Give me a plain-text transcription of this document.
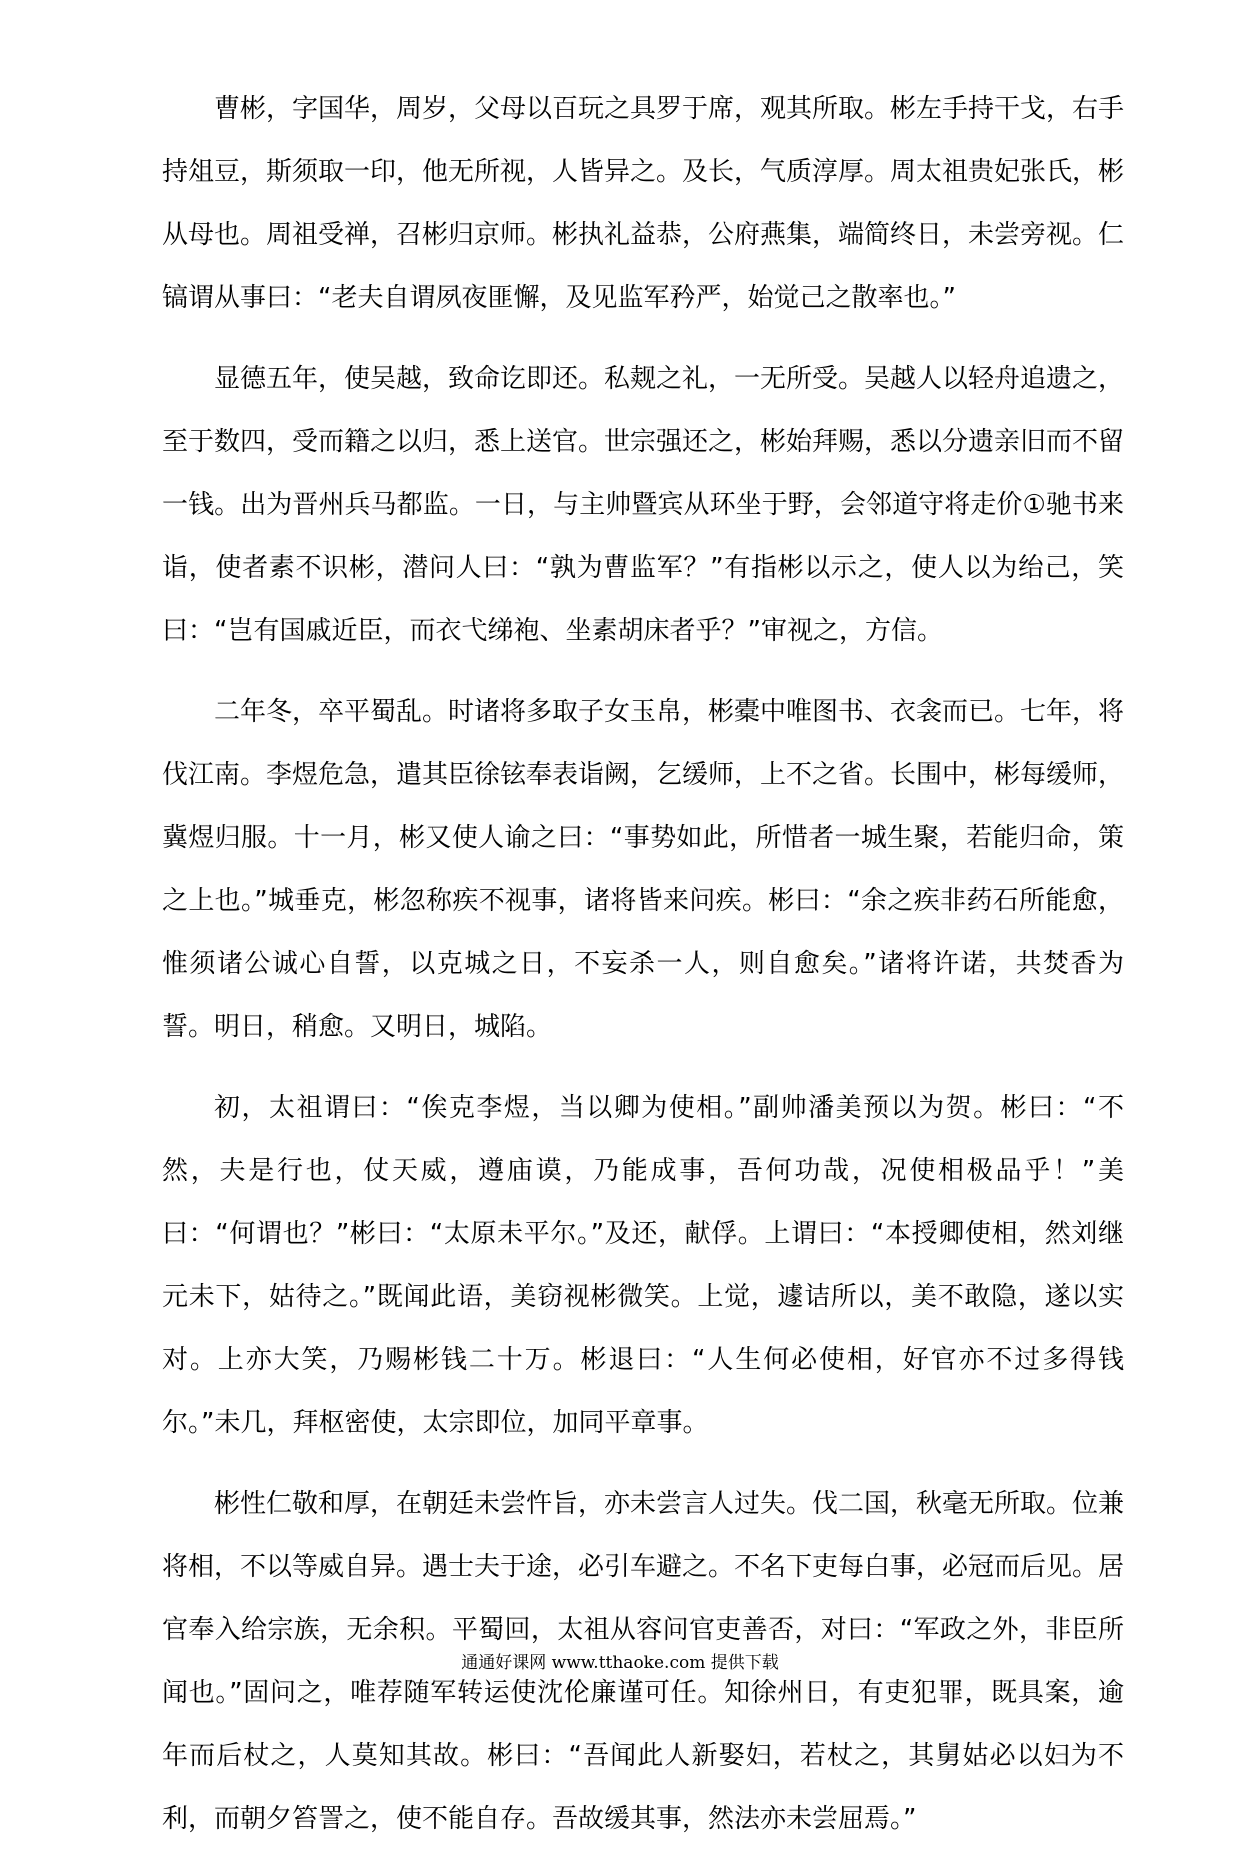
曹彬，字国华，周岁，父母以百玩之具罗于席，观其所取。彬左手持干戈，右手持俎豆，斯须取一印，他无所视，人皆异之。及长，气质淳厚。周太祖贵妃张氏，彬从母也。周祖受禅，召彬归京师。彬执礼益恭，公府燕集，端简终日，未尝旁视。仁镐谓从事曰：“老夫自谓夙夜匪懈，及见监军矜严，始觉己之散率也。”

显德五年，使吴越，致命讫即还。私觌之礼，一无所受。吴越人以轻舟追遗之，至于数四，受而籍之以归，悉上送官。世宗强还之，彬始拜赐，悉以分遗亲旧而不留一钱。出为晋州兵马都监。一日，与主帅暨宾从环坐于野，会邻道守将走价①驰书来诣，使者素不识彬，潜问人曰：“孰为曹监军？”有指彬以示之，使人以为绐己，笑曰：“岂有国戚近臣，而衣弋绨袍、坐素胡床者乎？”审视之，方信。

二年冬，卒平蜀乱。时诸将多取子女玉帛，彬橐中唯图书、衣衾而已。七年，将伐江南。李煜危急，遣其臣徐铉奉表诣阙，乞缓师，上不之省。长围中，彬每缓师，冀煜归服。十一月，彬又使人谕之曰：“事势如此，所惜者一城生聚，若能归命，策之上也。”城垂克，彬忽称疾不视事，诸将皆来问疾。彬曰：“余之疾非药石所能愈，惟须诸公诚心自誓，以克城之日，不妄杀一人，则自愈矣。”诸将许诺，共焚香为誓。明日，稍愈。又明日，城陷。

初，太祖谓曰：“俟克李煜，当以卿为使相。”副帅潘美预以为贺。彬曰：“不然，夫是行也，仗天威，遵庙谟，乃能成事，吾何功哉，况使相极品乎！”美曰：“何谓也？”彬曰：“太原未平尔。”及还，献俘。上谓曰：“本授卿使相，然刘继元未下，姑待之。”既闻此语，美窃视彬微笑。上觉，遽诘所以，美不敢隐，遂以实对。上亦大笑，乃赐彬钱二十万。彬退曰：“人生何必使相，好官亦不过多得钱尔。”未几，拜枢密使，太宗即位，加同平章事。

彬性仁敬和厚，在朝廷未尝忤旨，亦未尝言人过失。伐二国，秋毫无所取。位兼将相，不以等威自异。遇士夫于途，必引车避之。不名下吏每白事，必冠而后见。居官奉入给宗族，无余积。平蜀回，太祖从容问官吏善否，对曰：“军政之外，非臣所闻也。”固问之，唯荐随军转运使沈伦廉谨可任。知徐州日，有吏犯罪，既具案，逾年而后杖之，人莫知其故。彬曰：“吾闻此人新娶妇，若杖之，其舅姑必以妇为不利，而朝夕笞詈之，使不能自存。吾故缓其事，然法亦未尝屈焉。”

通通好课网 www.tthaoke.com 提供下载
